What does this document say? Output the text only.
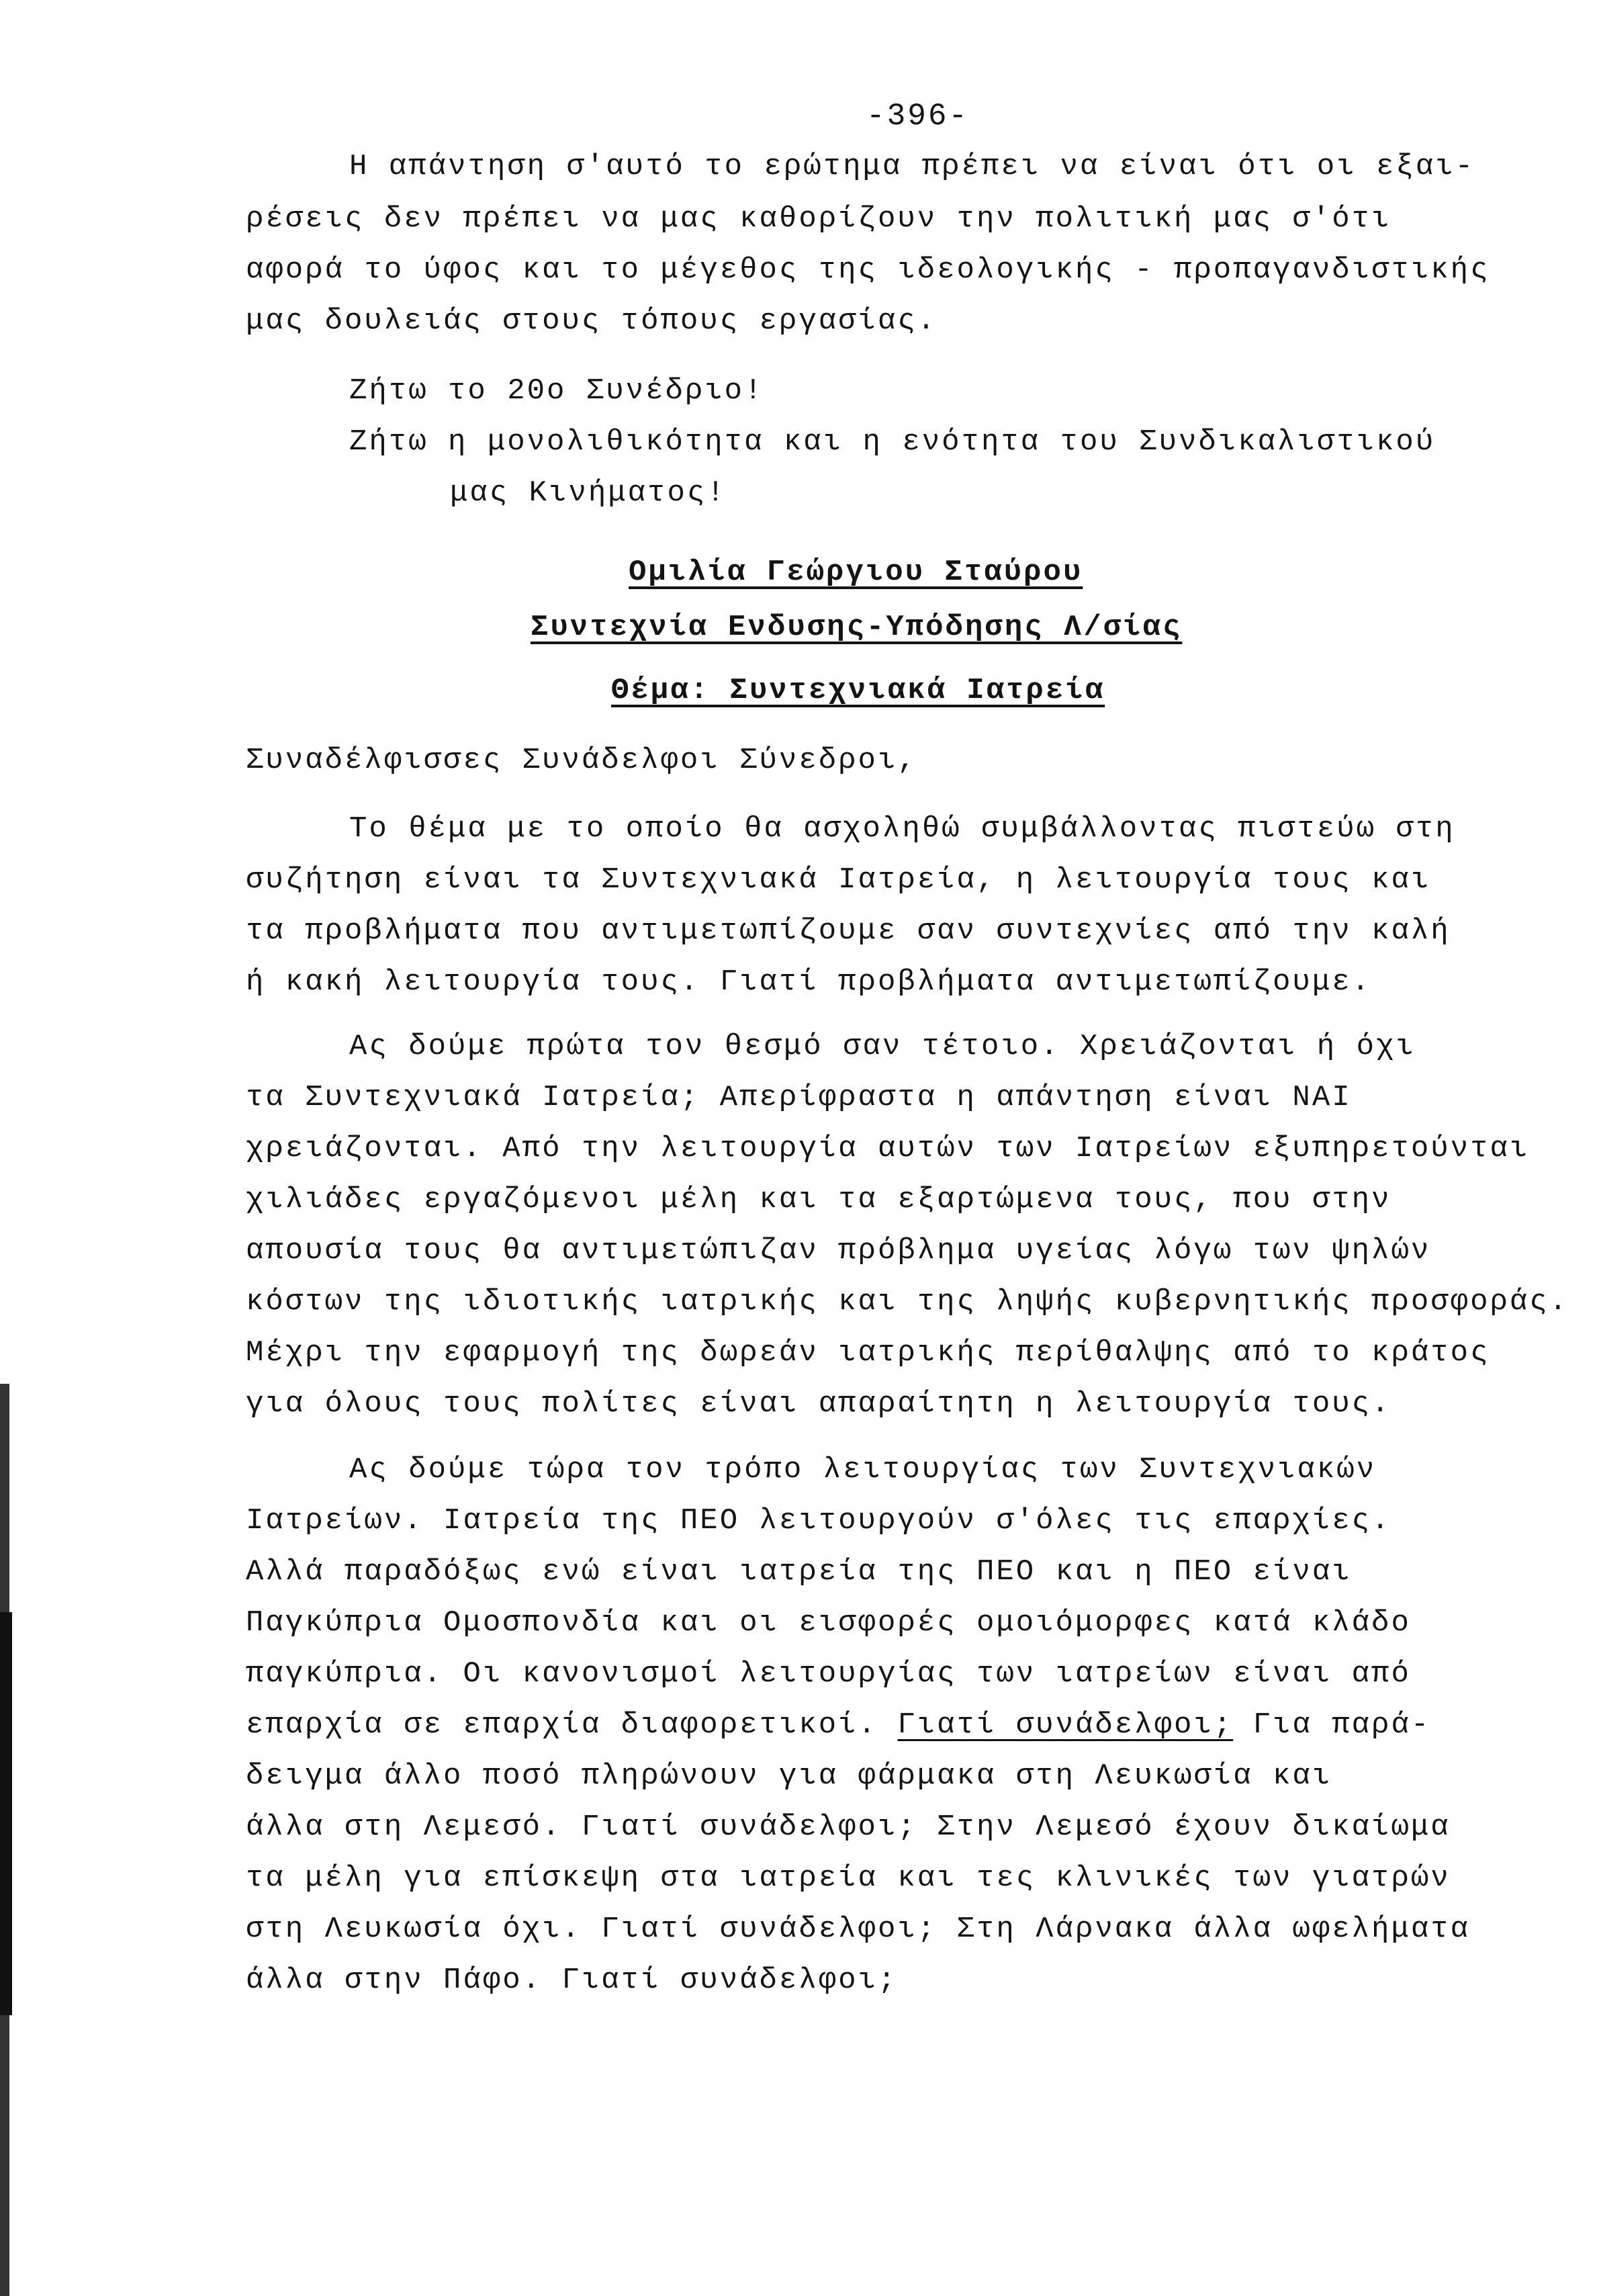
-396-
Η απάντηση σ'αυτό το ερώτημα πρέπει να είναι ότι οι εξαι-
ρέσεις δεν πρέπει να μας καθορίζουν την πολιτική μας σ'ότι
αφορά το ύφος και το μέγεθος της ιδεολογικής - προπαγανδιστικής
μας δουλειάς στους τόπους εργασίας.
Ζήτω το 20ο Συνέδριο!
Ζήτω η μονολιθικότητα και η ενότητα του Συνδικαλιστικού
μας Κινήματος!
Ομιλία Γεώργιου Σταύρου
Συντεχνία Ενδυσης-Υπόδησης Λ/σίας
Θέμα: Συντεχνιακά Ιατρεία
Συναδέλφισσες Συνάδελφοι Σύνεδροι,
Το θέμα με το οποίο θα ασχοληθώ συμβάλλοντας πιστεύω στη
συζήτηση είναι τα Συντεχνιακά Ιατρεία, η λειτουργία τους και
τα προβλήματα που αντιμετωπίζουμε σαν συντεχνίες από την καλή
ή κακή λειτουργία τους. Γιατί προβλήματα αντιμετωπίζουμε.
Ας δούμε πρώτα τον θεσμό σαν τέτοιο. Χρειάζονται ή όχι
τα Συντεχνιακά Ιατρεία; Απερίφραστα η απάντηση είναι ΝΑΙ
χρειάζονται. Από την λειτουργία αυτών των Ιατρείων εξυπηρετούνται
χιλιάδες εργαζόμενοι μέλη και τα εξαρτώμενα τους, που στην
απουσία τους θα αντιμετώπιζαν πρόβλημα υγείας λόγω των ψηλών
κόστων της ιδιοτικής ιατρικής και της ληψής κυβερνητικής προσφοράς.
Μέχρι την εφαρμογή της δωρεάν ιατρικής περίθαλψης από το κράτος
για όλους τους πολίτες είναι απαραίτητη η λειτουργία τους.
Ας δούμε τώρα τον τρόπο λειτουργίας των Συντεχνιακών
Ιατρείων. Ιατρεία της ΠΕΟ λειτουργούν σ'όλες τις επαρχίες.
Αλλά παραδόξως ενώ είναι ιατρεία της ΠΕΟ και η ΠΕΟ είναι
Παγκύπρια Ομοσπονδία και οι εισφορές ομοιόμορφες κατά κλάδο
παγκύπρια. Οι κανονισμοί λειτουργίας των ιατρείων είναι από
επαρχία σε επαρχία διαφορετικοί. Γιατί συνάδελφοι; Για παρά-
δειγμα άλλο ποσό πληρώνουν για φάρμακα στη Λευκωσία και
άλλα στη Λεμεσό. Γιατί συνάδελφοι; Στην Λεμεσό έχουν δικαίωμα
τα μέλη για επίσκεψη στα ιατρεία και τες κλινικές των γιατρών
στη Λευκωσία όχι. Γιατί συνάδελφοι; Στη Λάρνακα άλλα ωφελήματα
άλλα στην Πάφο. Γιατί συνάδελφοι;
